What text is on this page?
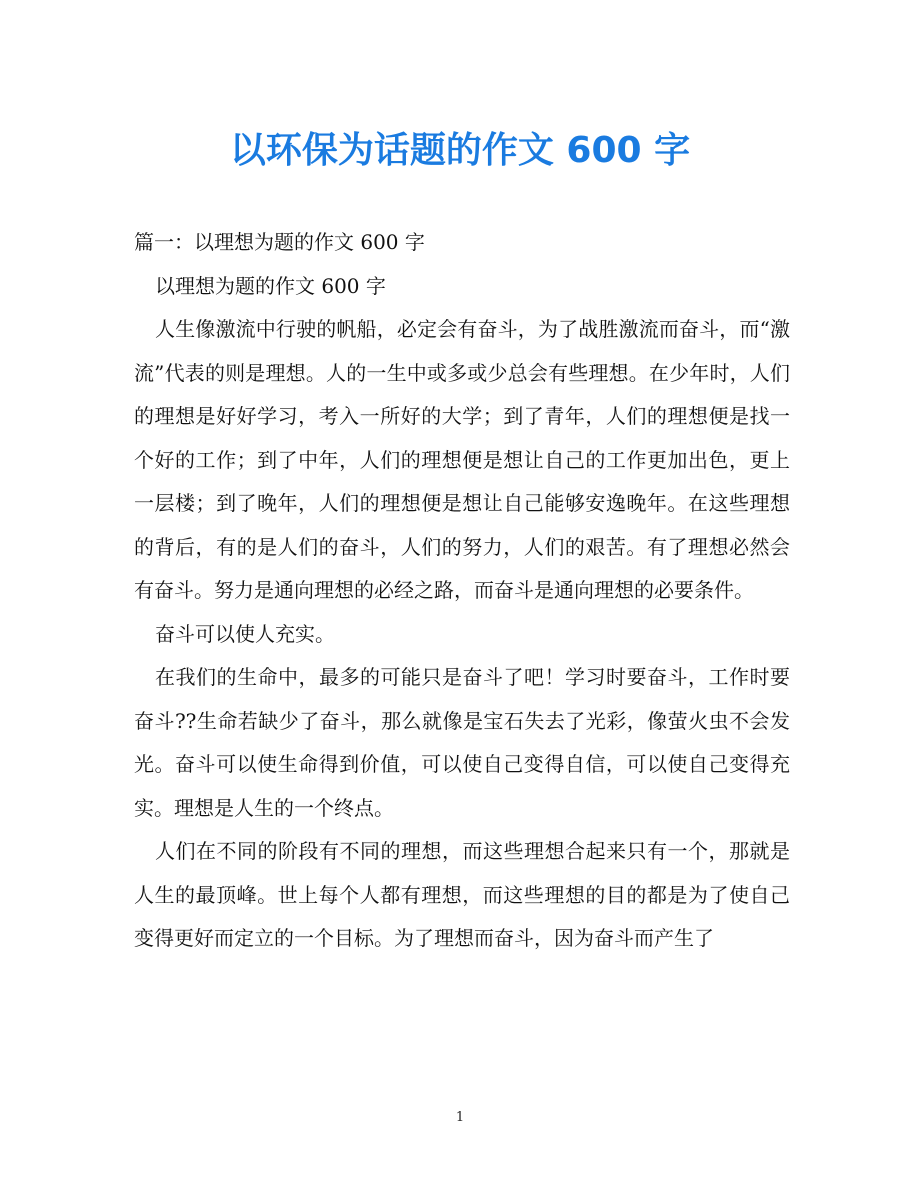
以环保为话题的作文 600 字

篇一：以理想为题的作文 600 字

以理想为题的作文 600 字

人生像激流中行驶的帆船，必定会有奋斗，为了战胜激流而奋斗，而“激流”代表的则是理想。人的一生中或多或少总会有些理想。在少年时，人们的理想是好好学习，考入一所好的大学；到了青年，人们的理想便是找一个好的工作；到了中年，人们的理想便是想让自己的工作更加出色，更上一层楼；到了晚年，人们的理想便是想让自己能够安逸晚年。在这些理想的背后，有的是人们的奋斗，人们的努力，人们的艰苦。有了理想必然会有奋斗。努力是通向理想的必经之路，而奋斗是通向理想的必要条件。

奋斗可以使人充实。

在我们的生命中，最多的可能只是奋斗了吧！学习时要奋斗，工作时要奋斗??生命若缺少了奋斗，那么就像是宝石失去了光彩，像萤火虫不会发光。奋斗可以使生命得到价值，可以使自己变得自信，可以使自己变得充实。理想是人生的一个终点。

人们在不同的阶段有不同的理想，而这些理想合起来只有一个，那就是人生的最顶峰。世上每个人都有理想，而这些理想的目的都是为了使自己变得更好而定立的一个目标。为了理想而奋斗，因为奋斗而产生了

1
